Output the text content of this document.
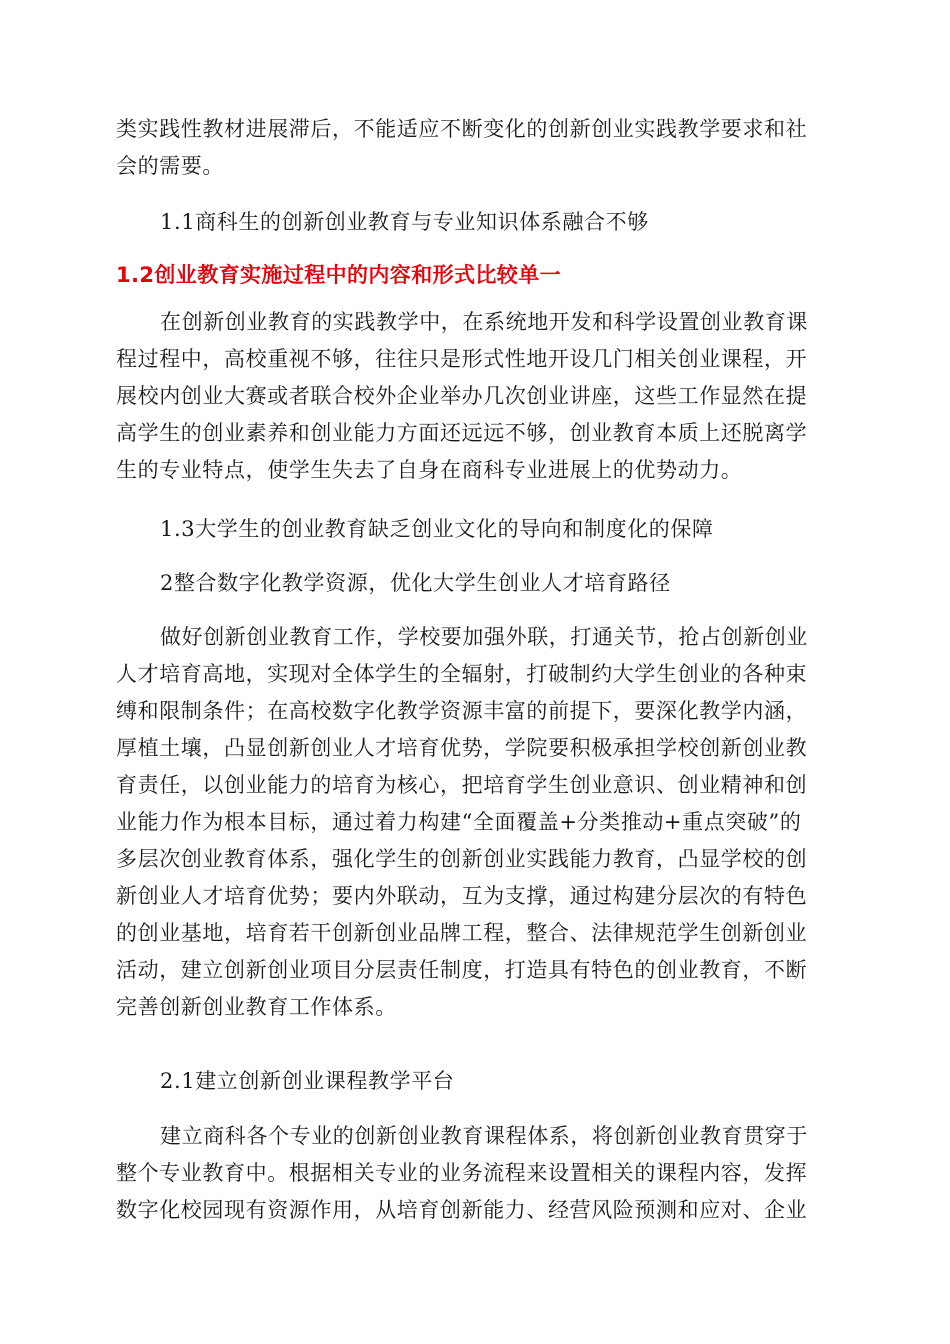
类实践性教材进展滞后，不能适应不断变化的创新创业实践教学要求和社
会的需要。
1.1商科生的创新创业教育与专业知识体系融合不够
1.2创业教育实施过程中的内容和形式比较单一
在创新创业教育的实践教学中，在系统地开发和科学设置创业教育课
程过程中，高校重视不够，往往只是形式性地开设几门相关创业课程，开
展校内创业大赛或者联合校外企业举办几次创业讲座，这些工作显然在提
高学生的创业素养和创业能力方面还远远不够，创业教育本质上还脱离学
生的专业特点，使学生失去了自身在商科专业进展上的优势动力。
1.3大学生的创业教育缺乏创业文化的导向和制度化的保障
2整合数字化教学资源，优化大学生创业人才培育路径
做好创新创业教育工作，学校要加强外联，打通关节，抢占创新创业
人才培育高地，实现对全体学生的全辐射，打破制约大学生创业的各种束
缚和限制条件；在高校数字化教学资源丰富的前提下，要深化教学内涵，
厚植土壤，凸显创新创业人才培育优势，学院要积极承担学校创新创业教
育责任，以创业能力的培育为核心，把培育学生创业意识、创业精神和创
业能力作为根本目标，通过着力构建“全面覆盖+分类推动+重点突破”的
多层次创业教育体系，强化学生的创新创业实践能力教育，凸显学校的创
新创业人才培育优势；要内外联动，互为支撑，通过构建分层次的有特色
的创业基地，培育若干创新创业品牌工程，整合、法律规范学生创新创业
活动，建立创新创业项目分层责任制度，打造具有特色的创业教育，不断
完善创新创业教育工作体系。
2.1建立创新创业课程教学平台
建立商科各个专业的创新创业教育课程体系，将创新创业教育贯穿于
整个专业教育中。根据相关专业的业务流程来设置相关的课程内容，发挥
数字化校园现有资源作用，从培育创新能力、经营风险预测和应对、企业
